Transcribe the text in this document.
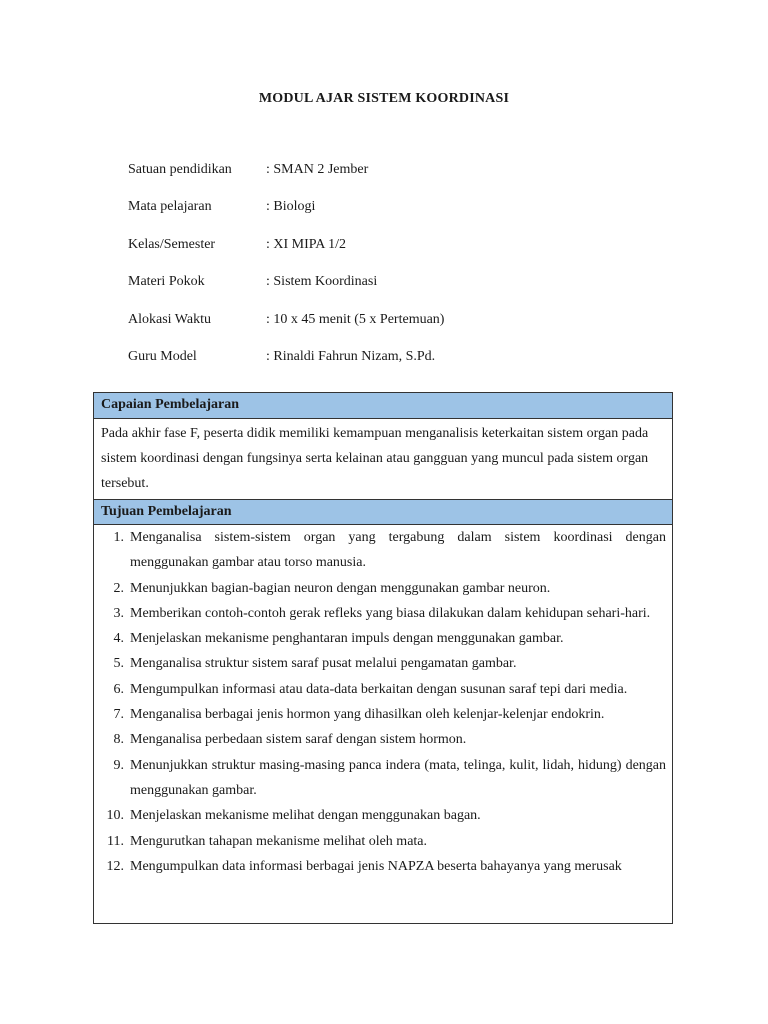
MODUL AJAR SISTEM KOORDINASI
Satuan pendidikan	: SMAN 2 Jember
Mata pelajaran	: Biologi
Kelas/Semester	: XI MIPA 1/2
Materi Pokok	: Sistem Koordinasi
Alokasi Waktu	: 10 x 45 menit (5 x Pertemuan)
Guru Model	: Rinaldi Fahrun Nizam, S.Pd.
Capaian Pembelajaran
Pada akhir fase F, peserta didik memiliki kemampuan menganalisis keterkaitan sistem organ pada sistem koordinasi dengan fungsinya serta kelainan atau gangguan yang muncul pada sistem organ tersebut.
Tujuan Pembelajaran
1. Menganalisa sistem-sistem organ yang tergabung dalam sistem koordinasi dengan menggunakan gambar atau torso manusia.
2. Menunjukkan bagian-bagian neuron dengan menggunakan gambar neuron.
3. Memberikan contoh-contoh gerak refleks yang biasa dilakukan dalam kehidupan sehari-hari.
4. Menjelaskan mekanisme penghantaran impuls dengan menggunakan gambar.
5. Menganalisa struktur sistem saraf pusat melalui pengamatan gambar.
6. Mengumpulkan informasi atau data-data berkaitan dengan susunan saraf tepi dari media.
7. Menganalisa berbagai jenis hormon yang dihasilkan oleh kelenjar-kelenjar endokrin.
8. Menganalisa perbedaan sistem saraf dengan sistem hormon.
9. Menunjukkan struktur masing-masing panca indera (mata, telinga, kulit, lidah, hidung) dengan menggunakan gambar.
10. Menjelaskan mekanisme melihat dengan menggunakan bagan.
11. Mengurutkan tahapan mekanisme melihat oleh mata.
12. Mengumpulkan data informasi berbagai jenis NAPZA beserta bahayanya yang merusak
